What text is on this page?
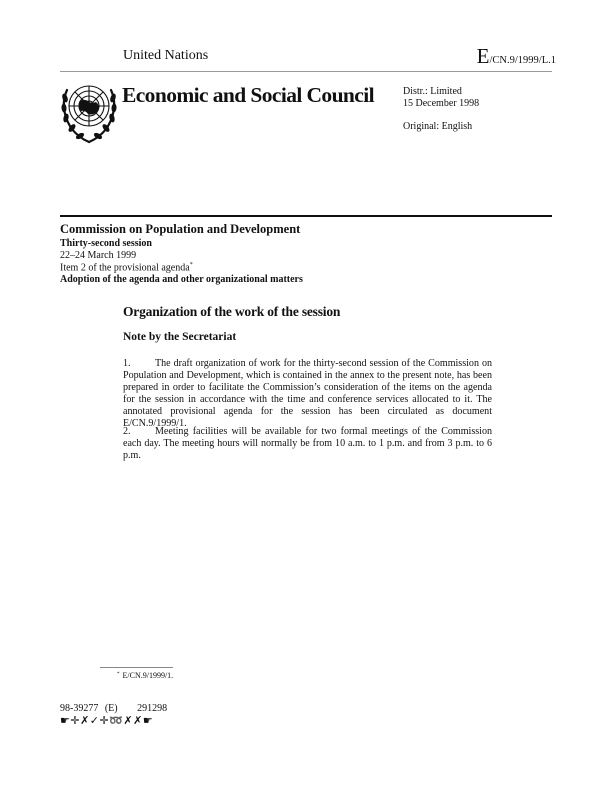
United Nations	E/CN.9/1999/L.1
Economic and Social Council	Distr.: Limited
15 December 1998
Original: English
Commission on Population and Development
Thirty-second session
22–24 March 1999
Item 2 of the provisional agenda*
Adoption of the agenda and other organizational matters
Organization of the work of the session
Note by the Secretariat
1. The draft organization of work for the thirty-second session of the Commission on Population and Development, which is contained in the annex to the present note, has been prepared in order to facilitate the Commission’s consideration of the items on the agenda for the session in accordance with the time and conference services allocated to it. The annotated provisional agenda for the session has been circulated as document E/CN.9/1999/1.
2. Meeting facilities will be available for two formal meetings of the Commission each day. The meeting hours will normally be from 10 a.m. to 1 p.m. and from 3 p.m. to 6 p.m.
* E/CN.9/1999/1.
98-39277 (E) 291298
☛✛✗✓✛➿✗✗☛
